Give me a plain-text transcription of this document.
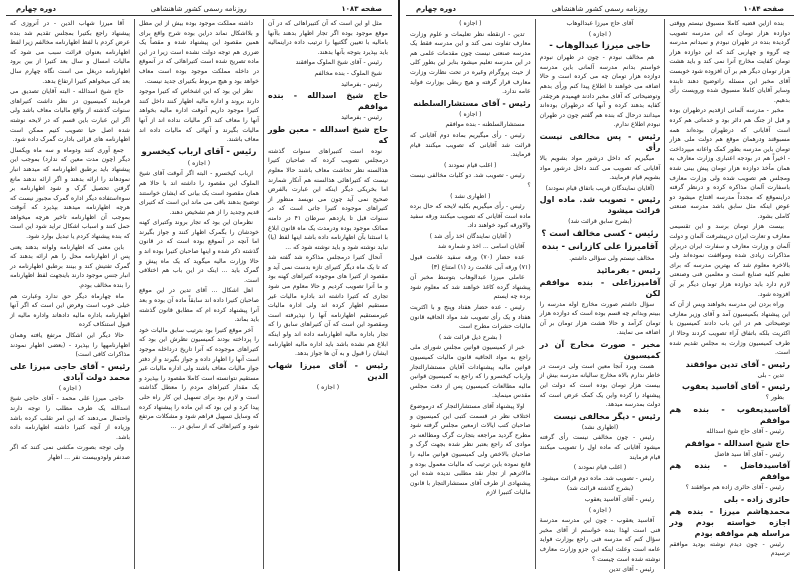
صفحه ۱۰۸۴
روزنامه رسمی کشور شاهنشاهی
دوره چهارم

بنده ازاین قضیه کاملا مسبوق نیستم ووقتی دوازده هزار تومان که این مدرسه تصویب گردیده بنده در طهران نبودم و نمیدانم مدرسه چه گروه و چهاربی کند که این دوازده هزار تومان کفایت مخارج آنرا نمی کند و باید هشت هزار تومان دیگر هم بر آن افزوده شود خوبست آقای مخبر این مسئله راتوضیح دهند تابنده وسایر آقایان کاملا مسبوق شده ورویست رأی بدهیم.

مخبر - مدرسه آلمانی ازقدیم درطهران بوده و قبل از جنگ هم دائر بود و خدماتی هم کرده است آقایانی که درطهران بوده‌اند همه مسبوقند ودرهمان موقع هم دولت ملی هزار تومان باین مدرسه بطور کمک واعانه میپرداخت - اخیراً هم در بودجه اعتباری وزارت معارف به همان مأخذ دوازده هزار تومان پیش بینی شده ومجلس هم تصویب شده ولی وزارت معارف باسفارت آلمان مذاکره کرده و درنظر گرفته دراینموقع که مجدداً مدرسه افتتاح میشود دو عوض اینکه مثل سابق باشد مدرسه صنعتی کاملی بشود.

بیست هزار تومان برسد و این تقسیمی معارف و تعارت ایران درپیشرفت آلمان و دولت آلمان و وزارت معارف و سفارت ایران دربرلن مذاکرات زیادی شده ومواقفت نموده‌اند ولی بالاخره معلوم شد که بهترین مدرسه که برای تعلیم کلیه صنایع است و معلمین فنی وصنعتی لازم دارد باید دوازده هزار تومان دیگر بر آن افزوده شود.

وراه بردن این مدرسه بخواهند ویس از آن که این پیشنهاد بکمیسیون آمد و آقای وزیر معارف توضیحاتی هم در این باب دادند کمیسیون با اکثریت بلکه باتفاق آراء تصویب کردند وحالا از طرف کمیسیون وزارت به مجلس تقدیم شده است.

رئیس - آقای تدین موافقند

تدین - بلی

رئیس - آقای آقاسید یعقوب

بطور ؟

آقاسیدیعقوب - بنده هم موافقم

رئیس - آقای حاج شیخ اسدالله

حاج شیخ اسدالله - موافقم

رئیس - آقای آقا سید فاضل

آقاسیدفاضل - بنده هم موافقم

رئیس - آقای حائری زاده هم موافقند ؟

حائری زاده - بلی

محمدهاشم میرزا - بنده هم اجازه خواسته بودم ودر مراسله هم موافقه بودم

رئیس - چون دیدم نوشته بودید موافقم ترسیدم

آقای حاج میرزا عبدالوهاب

( اجازه )

حاجی میرزا عبدالوهاب -

هم مخالف نبودم - چون در طهران نبودم خواستم بدانم مدرسه آلمانی باین مدرسه دوازده هزار تومان چه می کرده است و حالا اضافه می خواهند تا اطلاع پیدا کنم ورأی بدهم وتوضیحاتی که آقای مخبر دادند فهمیدم هرچقدر کفایه بدهند کرده و آنها که درطهران بوده‌اند میدانند درحال که بنده هم گفتم چون در طهران نبودم اطلاع ندارم.

رئیس - پس مخالفی نیست رأی

میگیریم که داخل درشور مواد بشویم بالا آقایانی که تصویب می کنند داخل درشور مواد بشویم قیام فرمایند.

(آقایان نمایندگان قریب باتفاق قیام نمودند)

رئیس - تصویب شد. ماده اول قرائت میشود

(بشرح سابق قرائت شد)

رئیس - کسی مخالف است ؟

آقامیرزا علی کازرانی - بنده

مخالف نیستم ولی سؤالی داشتم.

رئیس - بفرمائید

آقامیرزاعلی - بنده موافقم لکن

سؤال داشتم صورت مخارج اوله مدرسه را ببینم وبدانم چه قسم بوده است که دوازده هزار تومان کرآمد و حالا هشت هزار تومان بر آن اضافه می نمایند.

مخبر - صورت مخارج آن در کمیسیون

هست وبرد آنجا معین است ولی درست در خاطر ندارم بالاه مخارج سالیانه مدرسه بیش از بیست هزار تومان بوده است که دولت این پیشنهاد را کرده واین یک کمک عرض است که دولت بمدرسه میدهد.

رئیس - دیگر مخالفی نیست

(اظهاری نشد)

رئیس - چون مخالفی نیست رأی گرفته میشود آقایانی که ماده اول را تصویب میکنند قیام فرمایند

( اغلب قیام نمودند )

رئیس - تصویب شد. ماده دوم قرائت میشود.

(بشرح گذشته قرائت شد)

رئیس - آقای آقاسید یعقوب

( اجازه )

آقاسید یعقوب - چون این مدرسه مدرسهٔ فنی است لهذا بنده خواستم از آقای مخبر سؤال کنم که مدرسه فنی راجع بوزارت فواید عامه است وعلت اینکه این جزو وزارت معارف نوشته شده است چیست ؟

رئیس - آقای تدین

( اجازه )

تدین - ازنقطه نظر تعلیمات و علوم وزارت معارف تفاوت نمی کند و این مدرسه فقط یک مدرسه صنعتی نیست چون مقدمات علمی هم در این مدرسه تعلیم میشود بنابر این بطور کلی از حیث پروگرام وغیره در تحت نظارت وزارت معارف قرار گرفته و هیچ ربطی بوزارت فواید عامه ندارد.

رئیس - آقای مستشارالسلطنه

( اجازه )

مستشارالسلطنه - بنده موافقم

رئیس - رأی میگیریم بماده دوم آقایانی که قرائت شد آقایانی که تصویب میکنند قیام فرمایند.

( اغلب قیام نمودند )

رئیس - تصویب شد. دو کلیات مخالفی نیست ؟

( اظهاری نشد )

رئیس - رأی میگیریم بکلیه لایحه که حال برده ماده است آقایانی که تصویب میکنند ورقه سفید والاورقه کبود خواهند داد.

( آقایان نمایندگان اخذ رأی شد )

آقایان اسامی ... اخذ و شماره شد

عده حضار (۷۰) ورقه سفید علامت قبول (۷۱) ورقه آبی علامت رد (۱) امتناع (۳)

عاملی میرزا عبدالوهاب بتوسط مخبر آن پیشنهاد گرده کاغذ خواهند شد که معلوم شود برده چه ایستم

رئیس - عده حضار هفتاد وپنج و با اکثریت هفتاد و یک رأی تصویب شد مواد الحاقیه قانون مالیات حشرات مطرح است

( بشرح ذیل قرائت شد )

خبر از کمیسیون قوانین مجلس شورای ملی راجع به مواد الحاقیه قانون مالیات کمیسیون قوانین مالیه پیشنهادات آقایان مستشارالتجار وارباب کیخسرو را که راجع به کمیسیون قوانین مالیه مطالعات کمیسیون پس از دقت مجلس مقدس مینماید.

اولا پیشنهاد آقای مستشارالتجار که درموضوع اختلاف نظر در قسمت کتبی این کمیسیون و صاحبان کتب ایالات ازمعین مجلس گرفته شود مطرح گردید مراجعه بتجارت گرک ومطالعه در موادی که راجع بعتبر نظر شده بجهت گرک و صاحبان بالاخص ولی کمیسیون قوانین مالیه را قانع نموده باین ترتیب که مالیات معمول بوده و مالاترهم از تجار نقد مطلبی ندیده شده این پیشنهادی از طرف آقای مستشارالتجار با قانون مالیات کتبیرا لازم

صفحه ۱۰۸۳
روزنامه رسمی کشور شاهنشاهی
دوره چهارم

مثل او این است که آن کتبیراهائی که در آن موقع موجود بوده اگر تجار اظهار بدهند باآنها بامالیه با تعیین گکتیها را ترتیب داده دراینمالیه باید بپذیرد بتوجه بآنها بدهند.

رئیس - آقای شیخ الملوک موافقند

شیخ الملوک - بنده مخالفم

رئیس - بفرمائید

حاج شیخ اسدالله - بنده موافقم

رئیس - بفرمائید

حاج شیخ اسدالله - معبن طور که

نوده است کتبیراهای سنوات گذشته درمجلس تصویب کرده که صاحبان کتیرا هذالسنه نظر تحاشت معاف باشند حالا معلوم نیست که کتیراهائی هذالسنه هم آنکار شمارند اما بخریکی دیگر اینکه این عبارت بالفرض صحیح نمی آید چون می نویسد منظور از کتیراهای موجوده کتیرا جاتی است که در سنوات قبل تا یازدهم سرطان ۴۱ در دامنه مماثک موجود بوده ودرمدت یک ماه قانون ابلاغ با استثنا بآن اظهارنامه داده باشد اینها لفظ (یا) نباید نوشته شود و باید نوشته شود که ...

آنحال کتیرا درمجلس مذاکره شد گفته شد که تا یک ماه دیگر کتیرای تازه بدست نمی آید و مقصود از کتیرا های موجوده کتیراهای کهنه بود و ما آنرا تصویب کردیم و حالا معلوم می شود تجاری که کتیرا داشته اند باداره مالیات غیر مستقیم اظهار کرده اند ولی اداره مالیات غیرمستقیم اظهارنامه آنها را نپذیرفته است ومقصود این است که آن کتیراهای سابق را که تجار باداره مالیه اظهارنامه داده اند ولو اینکه ابلاغ هم نشده باشد باید اداره مالیه اظهارنامه ایشان را قبول و به آن ها جواز بدهد.

رئیس - آقای میرزا شهاب الدین

( اجازه )

داشته مملکت موجود بوده بیش از این مطل و بلااشکال نماند دراین بوده شرح واقع برای همین مقصود این پیشنهاد شده و مقصاً یک ضرری هم توجه دولت نشده است زیرا در این ماده تصریح شده است کتیراهائی که در آنموقع در داخله مملکت موجود بوده است معاف خواهد بود و هیچ مربوط بکتیرای جدید نیست.

نظر این بود که این اشخاص که کتیرا موجود دارند بروند و اداره مالیه اظهار کنند داخل کنند کتیرا موجود داریم آنوقت اداره مالیه بخواهد آنها را معاف کند اگر مالیات نداده اند از آنها مالیات بگیرند و آنهائی که مالیات داده اند معاف باشند.

رئیس - آقای ارباب کیخسرو

( اجازه )

ارباب کیخسرو - البته اگر آنوقت آقای شیخ الملوک این مقصود را داشته اند با حالا هم همان مقصود است یک بیانی که ایشان خواستند توضیح بدهند باقی می ماند این است که کتیرای قدیم وجدید را از هم تشخیص دهند.

نظرمان این بود که تجار بروند وکتیرای کهنه خودشان را بگمرک اظهار کنند و جواز بگیرند اما آنچه در آنموقع بوده است که در قانون گذشته ذکر شده و اینها صاحبان کتیرا بوده اند و حالا وزارت مالیه میگوید که یک ماه پیش و گمرک باید ... اینک در این باب هم اختلافی است.

اهل اشکال ... آقای تدین در این موقع صاحبان کتیرا داده اند سابقاً ماده آن بوده و بعد آنرا پیشنهاد کرده ام که مطابق قانون گذشته باید بماند.

آخر موقع کتیرا بود بترتیب سابق مالیات خود را پرداخته بودند کمیسیون نظرش این بود که کتیراهای موجوده که آنرا تاریخ درداخله موجود است آنها را اظهار داده و جواز بگیرند و از دفتر جواز مالیات معاف باشند ولی اداره مالیات غیر مستقیم نتوانسته است کاملا مقصود را بپذیرد و یک مقدار کتیراهای مردم را معطل گذاشته است و لازم بود برای تسهیل این کار راه حلی پیدا کرد و این بود که این ماده را پیشنهاد کرده که وسایل تسهیل فراهم شود و مشکلات مرتفع شود و کتیراهائی که از سابق در ...

آقا میرزا شهاب الدین - در آنروزی که پیشنهاد راجع بکتیرا بمجلس تقدیم شد بنده عرض کردم با لفظ اظهارنامه مخالفم زیرا لفظ اظهارنامه بعنوان قرائت سبب می شود که مالیات امسال و سال بعد کتیرا از بین برود اظهارنامه دربغل می است نگاه چهارم سال بعد کی میخواهم کتیرا ارتفاع بدهد.

حاج شیخ اسدالله - البته آقایان تصدیق می فرمایند کمیسیون در نظر داشت کتیراهای سنوات گذشته از واقع مالیات معاف باشد ولی اگر این عبارت باین قسم که در لایحه نوشته شده اصل حیا تصویب کنیم ممکن است اظهارنامه های قرائی بادارت گمرک داده شود.

جمع آوری کنند ودوماه و سه ماه ویکسال دیگر (چون مدت معین که ندارد) بموجب این پیشنهاد باید برطبق اظهارنامه که میدهند انبار نمودهاند را ارائه بدهند و اگر ارائه ندهند مانع گرفتن تحصیل گرک و شود اظهارنامه بر سوءاستفاده دیگر اداره گمرک مجبور نیست که هرچه اظهارنامه میدهند بپذیرد که آنوقت بموجب آن اظهارنامه تاخیر هرچه میخواهد حمل کنند و اسباب اشکال تراید شود این است که بنده پیشنهاد کردم یا تبدیل بوارد شود.

باین معنی که اظهارنامه ولوانه بدهند یعنی پس از اظهارنامه محل را هم ارائه بدهند که گمرک تفتیش کند و بینند برطبق اظهارنامه در انبار جنس موجود دارند باینجهت لفظ اظهارنامه را بنده مخالف بودم.

ماه چهارماه دیگر حق ندارد وعبارت هم خیلی خوب است وفرض این است که اگر آنها اظهارنامه باداره مالیه دادهاند واداره مالیه از قبول استنکاف کرده

حالا دیگر این اشکال مرتفع یافته وهمان اظهارنامهها را بپذیرد - (بعضی اظهار نمودند مذاکرات کافی است)

رئیس - آقای حاجی میرزا علی محمد دولت آبادی

( اجازه )

حاجی میرزا علی محمد - آقای حاجی شیخ اسدالله یک طرف مطلب را توجه دارند واحتمال می‌دهند که این امر تقلب کرده باشد وزیاده از آنچه کتیرا داشته اظهارنامه داده باشد.

ولی توجه بصورت مکشی نمی کنند که اگر صدنفر ولودوبیست نفر ... اظهار
